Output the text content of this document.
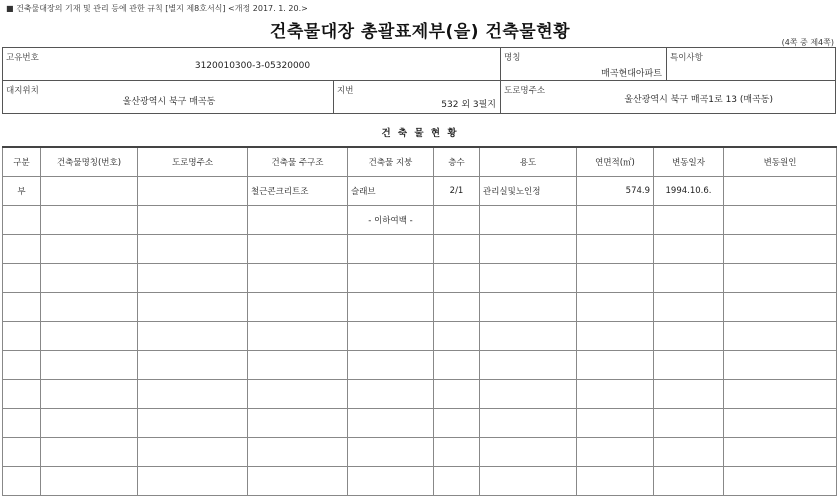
■ 건축물대장의 기재 및 관리 등에 관한 규칙 [별지 제8호서식] <개정 2017. 1. 20.>
건축물대장 총괄표제부(을) 건축물현황
(4쪽 중 제4쪽)
고유번호
3120010300-3-05320000
명칭
매곡현대아파트
특이사항
대지위치
울산광역시 북구 매곡동
지번
532 외 3필지
도로명주소
울산광역시 북구 매곡1로 13 (매곡동)
건 축 물 현 황
구분	건축물명칭(번호)	도로명주소	건축물 주구조	건축물 지붕	층수	용도	연면적(㎡)	변동일자	변동원인
부			철근콘크리트조	슬래브	2/1	관리실및노인정	574.9	1994.10.6.	
				- 이하여백 -					
